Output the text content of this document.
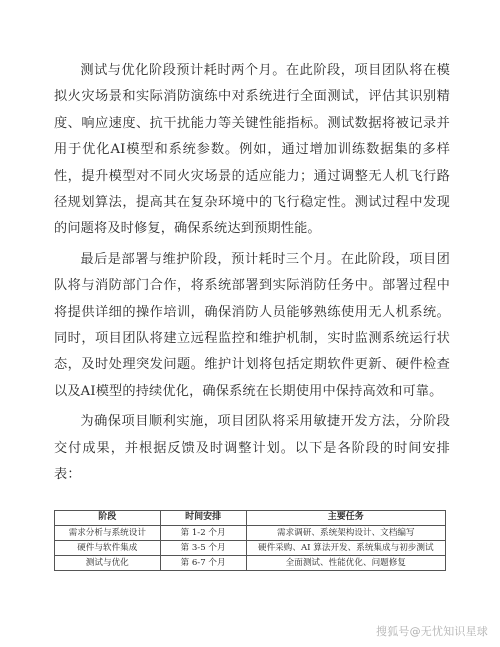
测试与优化阶段预计耗时两个月。在此阶段，项目团队将在模拟火灾场景和实际消防演练中对系统进行全面测试，评估其识别精度、响应速度、抗干扰能力等关键性能指标。测试数据将被记录并用于优化AI模型和系统参数。例如，通过增加训练数据集的多样性，提升模型对不同火灾场景的适应能力；通过调整无人机飞行路径规划算法，提高其在复杂环境中的飞行稳定性。测试过程中发现的问题将及时修复，确保系统达到预期性能。

最后是部署与维护阶段，预计耗时三个月。在此阶段，项目团队将与消防部门合作，将系统部署到实际消防任务中。部署过程中将提供详细的操作培训，确保消防人员能够熟练使用无人机系统。同时，项目团队将建立远程监控和维护机制，实时监测系统运行状态，及时处理突发问题。维护计划将包括定期软件更新、硬件检查以及AI模型的持续优化，确保系统在长期使用中保持高效和可靠。

为确保项目顺利实施，项目团队将采用敏捷开发方法，分阶段交付成果，并根据反馈及时调整计划。以下是各阶段的时间安排表：

阶段	时间安排	主要任务
需求分析与系统设计	第 1-2 个月	需求调研、系统架构设计、文档编写
硬件与软件集成	第 3-5 个月	硬件采购、AI 算法开发、系统集成与初步测试
测试与优化	第 6-7 个月	全面测试、性能优化、问题修复
搜狐号@无忧知识星球
